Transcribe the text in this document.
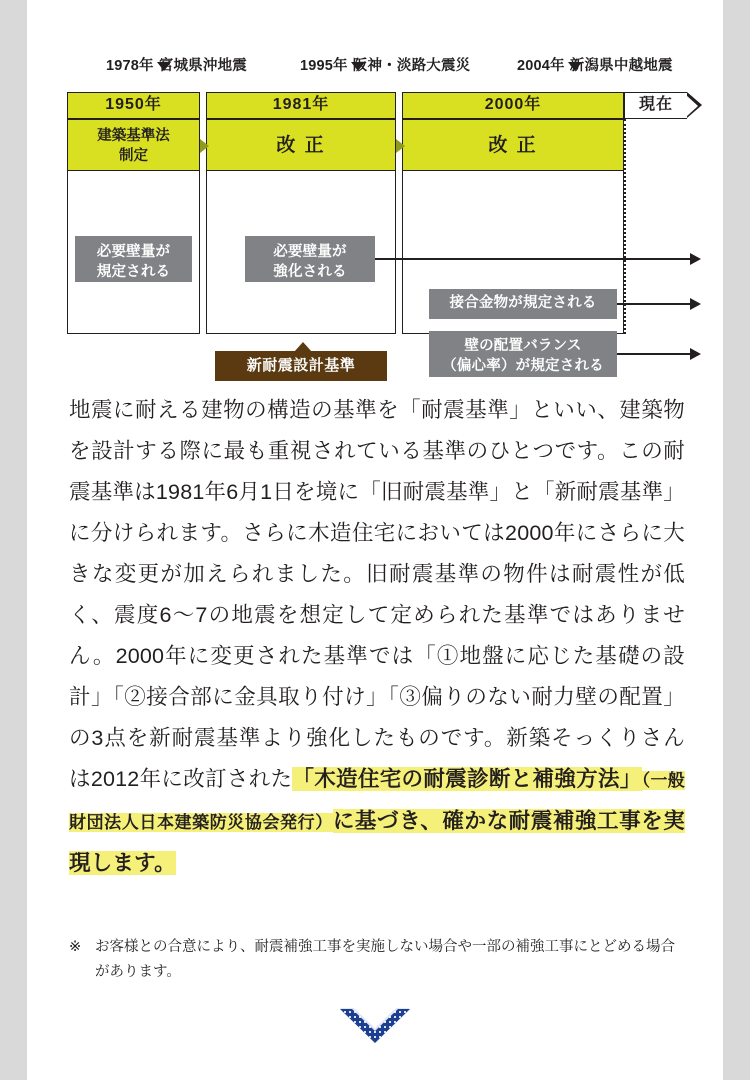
1978年 宮城県沖地震	1995年 阪神・淡路大震災	2004年 新潟県中越地震
1950年	1981年	2000年	現在
建築基準法
制定	改 正	改 正
必要壁量が
規定される
必要壁量が
強化される
接合金物が規定される
壁の配置バランス
（偏心率）が規定される
新耐震設計基準
地震に耐える建物の構造の基準を「耐震基準」といい、建築物を設計する際に最も重視されている基準のひとつです。この耐震基準は1981年6月1日を境に「旧耐震基準」と「新耐震基準」に分けられます。さらに木造住宅においては2000年にさらに大きな変更が加えられました。旧耐震基準の物件は耐震性が低く、震度6〜7の地震を想定して定められた基準ではありません。2000年に変更された基準では「①地盤に応じた基礎の設計」「②接合部に金具取り付け」「③偏りのない耐力壁の配置」の3点を新耐震基準より強化したものです。新築そっくりさんは2012年に改訂された「木造住宅の耐震診断と補強方法」（一般財団法人日本建築防災協会発行）に基づき、確かな耐震補強工事を実現します。
※ お客様との合意により、耐震補強工事を実施しない場合や一部の補強工事にとどめる場合があります。
